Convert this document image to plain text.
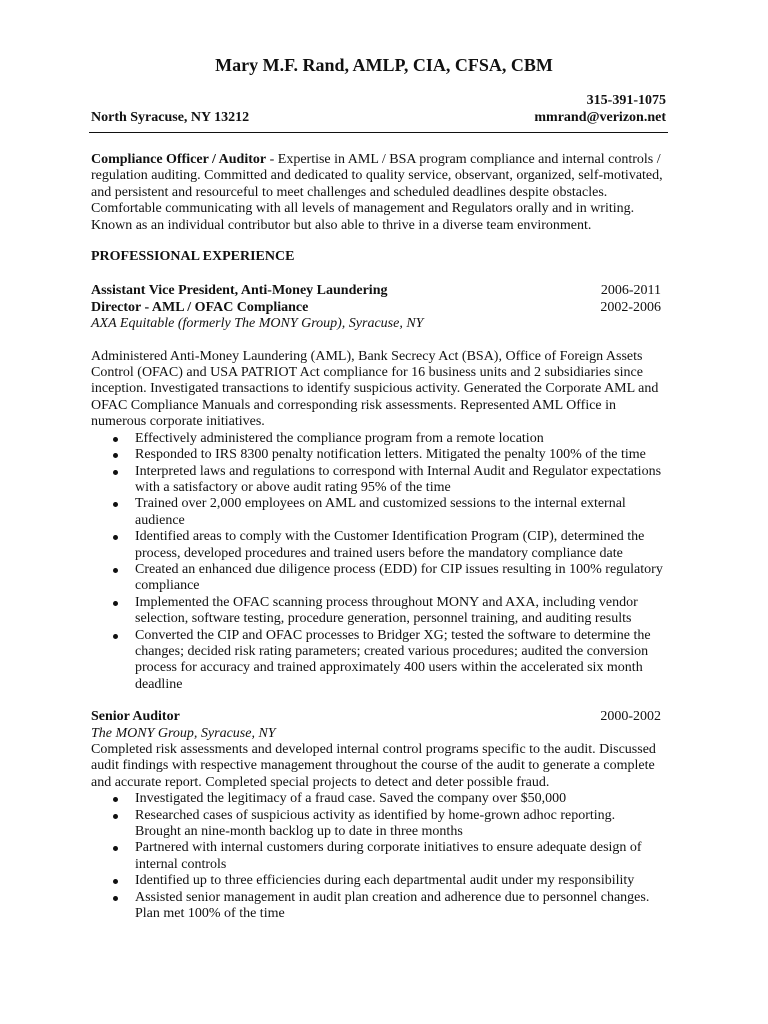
Mary M.F. Rand, AMLP, CIA, CFSA, CBM
315-391-1075
North Syracuse, NY 13212	mmrand@verizon.net

Compliance Officer / Auditor - Expertise in AML / BSA program compliance and internal controls / regulation auditing. Committed and dedicated to quality service, observant, organized, self-motivated, and persistent and resourceful to meet challenges and scheduled deadlines despite obstacles. Comfortable communicating with all levels of management and Regulators orally and in writing. Known as an individual contributor but also able to thrive in a diverse team environment.

PROFESSIONAL EXPERIENCE

Assistant Vice President, Anti-Money Laundering	2006-2011
Director - AML / OFAC Compliance	2002-2006
AXA Equitable (formerly The MONY Group), Syracuse, NY

Administered Anti-Money Laundering (AML), Bank Secrecy Act (BSA), Office of Foreign Assets Control (OFAC) and USA PATRIOT Act compliance for 16 business units and 2 subsidiaries since inception. Investigated transactions to identify suspicious activity. Generated the Corporate AML and OFAC Compliance Manuals and corresponding risk assessments. Represented AML Office in numerous corporate initiatives.

Effectively administered the compliance program from a remote location
Responded to IRS 8300 penalty notification letters. Mitigated the penalty 100% of the time
Interpreted laws and regulations to correspond with Internal Audit and Regulator expectations with a satisfactory or above audit rating 95% of the time
Trained over 2,000 employees on AML and customized sessions to the internal external audience
Identified areas to comply with the Customer Identification Program (CIP), determined the process, developed procedures and trained users before the mandatory compliance date
Created an enhanced due diligence process (EDD) for CIP issues resulting in 100% regulatory compliance
Implemented the OFAC scanning process throughout MONY and AXA, including vendor selection, software testing, procedure generation, personnel training, and auditing results
Converted the CIP and OFAC processes to Bridger XG; tested the software to determine the changes; decided risk rating parameters; created various procedures; audited the conversion process for accuracy and trained approximately 400 users within the accelerated six month deadline
Senior Auditor	2000-2002
The MONY Group, Syracuse, NY

Completed risk assessments and developed internal control programs specific to the audit. Discussed audit findings with respective management throughout the course of the audit to generate a complete and accurate report. Completed special projects to detect and deter possible fraud.

Investigated the legitimacy of a fraud case. Saved the company over $50,000
Researched cases of suspicious activity as identified by home-grown adhoc reporting. Brought an nine-month backlog up to date in three months
Partnered with internal customers during corporate initiatives to ensure adequate design of internal controls
Identified up to three efficiencies during each departmental audit under my responsibility
Assisted senior management in audit plan creation and adherence due to personnel changes. Plan met 100% of the time
